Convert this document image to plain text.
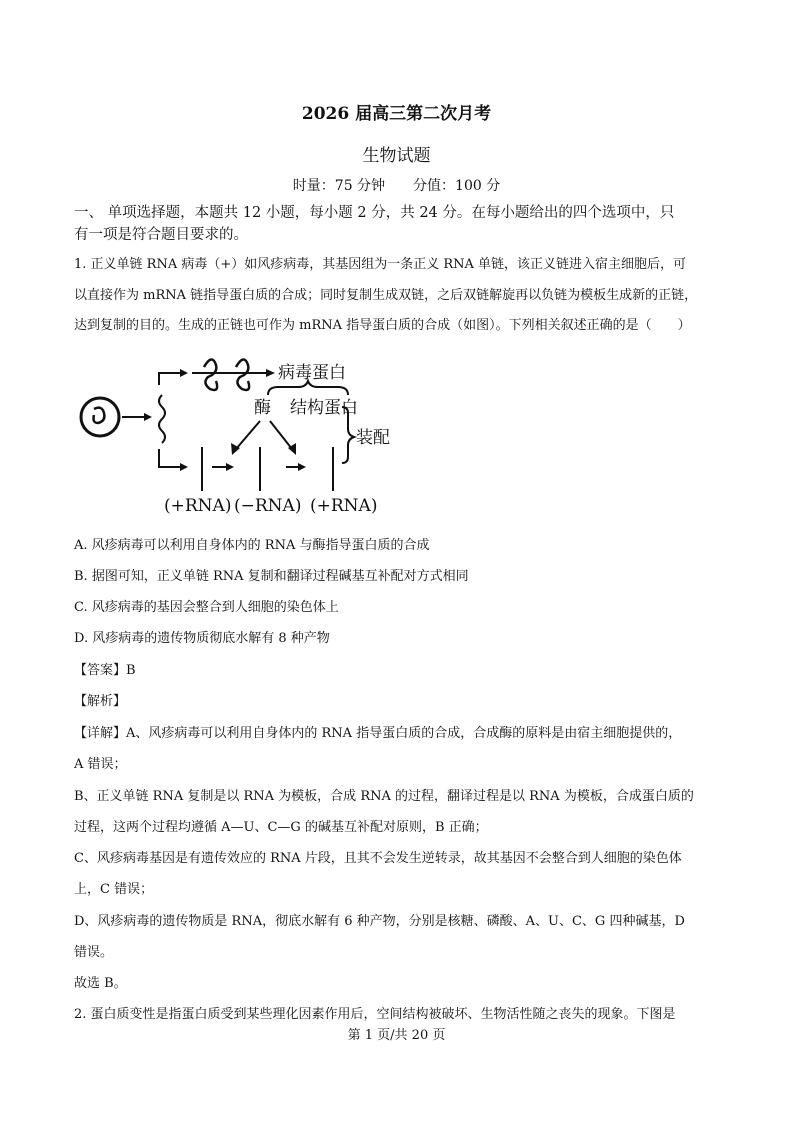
2026 届高三第二次月考
生物试题
时量：75 分钟　　分值：100 分
一、 单项选择题，本题共 12 小题，每小题 2 分，共 24 分。在每小题给出的四个选项中，只
有一项是符合题目要求的。
1. 正义单链 RNA 病毒（+）如风疹病毒，其基因组为一条正义 RNA 单链，该正义链进入宿主细胞后，可
以直接作为 mRNA 链指导蛋白质的合成；同时复制生成双链，之后双链解旋再以负链为模板生成新的正链，
达到复制的目的。生成的正链也可作为 mRNA 指导蛋白质的合成（如图）。下列相关叙述正确的是（　　）
病毒蛋白
酶 结构蛋白
装配
(+RNA) (−RNA) (+RNA)
A. 风疹病毒可以利用自身体内的 RNA 与酶指导蛋白质的合成
B. 据图可知，正义单链 RNA 复制和翻译过程碱基互补配对方式相同
C. 风疹病毒的基因会整合到人细胞的染色体上
D. 风疹病毒的遗传物质彻底水解有 8 种产物
【答案】B
【解析】
【详解】A、风疹病毒可以利用自身体内的 RNA 指导蛋白质的合成，合成酶的原料是由宿主细胞提供的，
A 错误；
B、正义单链 RNA 复制是以 RNA 为模板，合成 RNA 的过程，翻译过程是以 RNA 为模板，合成蛋白质的
过程，这两个过程均遵循 A—U、C—G 的碱基互补配对原则，B 正确；
C、风疹病毒基因是有遗传效应的 RNA 片段，且其不会发生逆转录，故其基因不会整合到人细胞的染色体
上，C 错误；
D、风疹病毒的遗传物质是 RNA，彻底水解有 6 种产物，分别是核糖、磷酸、A、U、C、G 四种碱基，D
错误。
故选 B。
2. 蛋白质变性是指蛋白质受到某些理化因素作用后，空间结构被破坏、生物活性随之丧失的现象。下图是
第 1 页/共 20 页
